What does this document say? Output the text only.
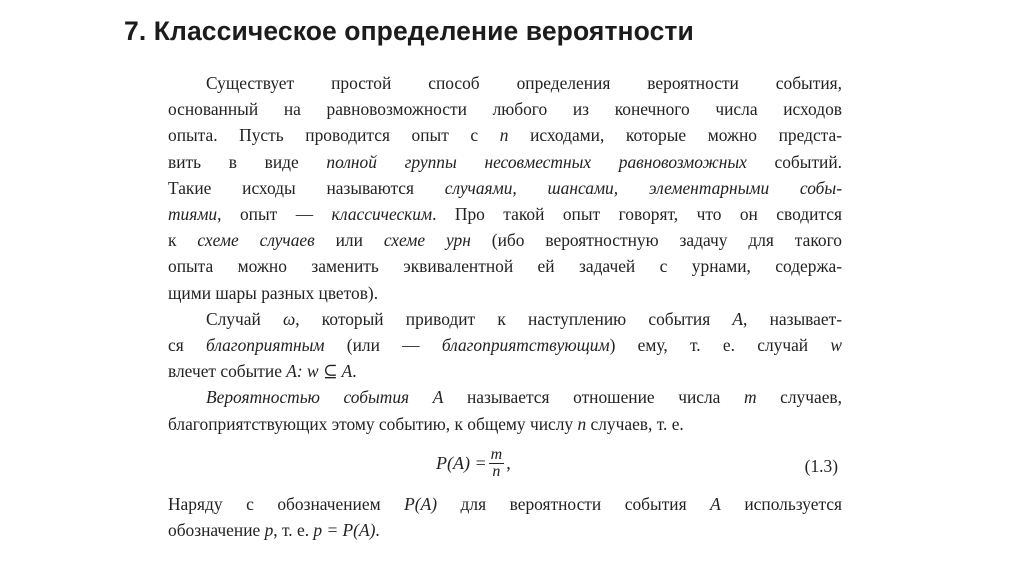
7. Классическое определение вероятности
Существует простой способ определения вероятности события,
основанный на равновозможности любого из конечного числа исходов
опыта. Пусть проводится опыт с n исходами, которые можно предста-
вить в виде полной группы несовместных равновозможных событий.
Такие исходы называются случаями, шансами, элементарными собы-
тиями, опыт — классическим. Про такой опыт говорят, что он сводится
к схеме случаев или схеме урн (ибо вероятностную задачу для такого
опыта можно заменить эквивалентной ей задачей с урнами, содержа-
щими шары разных цветов).
Случай ω, который приводит к наступлению события A, называет-
ся благоприятным (или — благоприятствующим) ему, т. е. случай w
влечет событие A: w ⊆ A.
Вероятностью события A называется отношение числа m случаев,
благоприятствующих этому событию, к общему числу n случаев, т. е.
$P(A) = \frac{m}{n}$ ,	(1.3)
Наряду с обозначением P(A) для вероятности события A используется
обозначение p, т. е. p = P(A).
